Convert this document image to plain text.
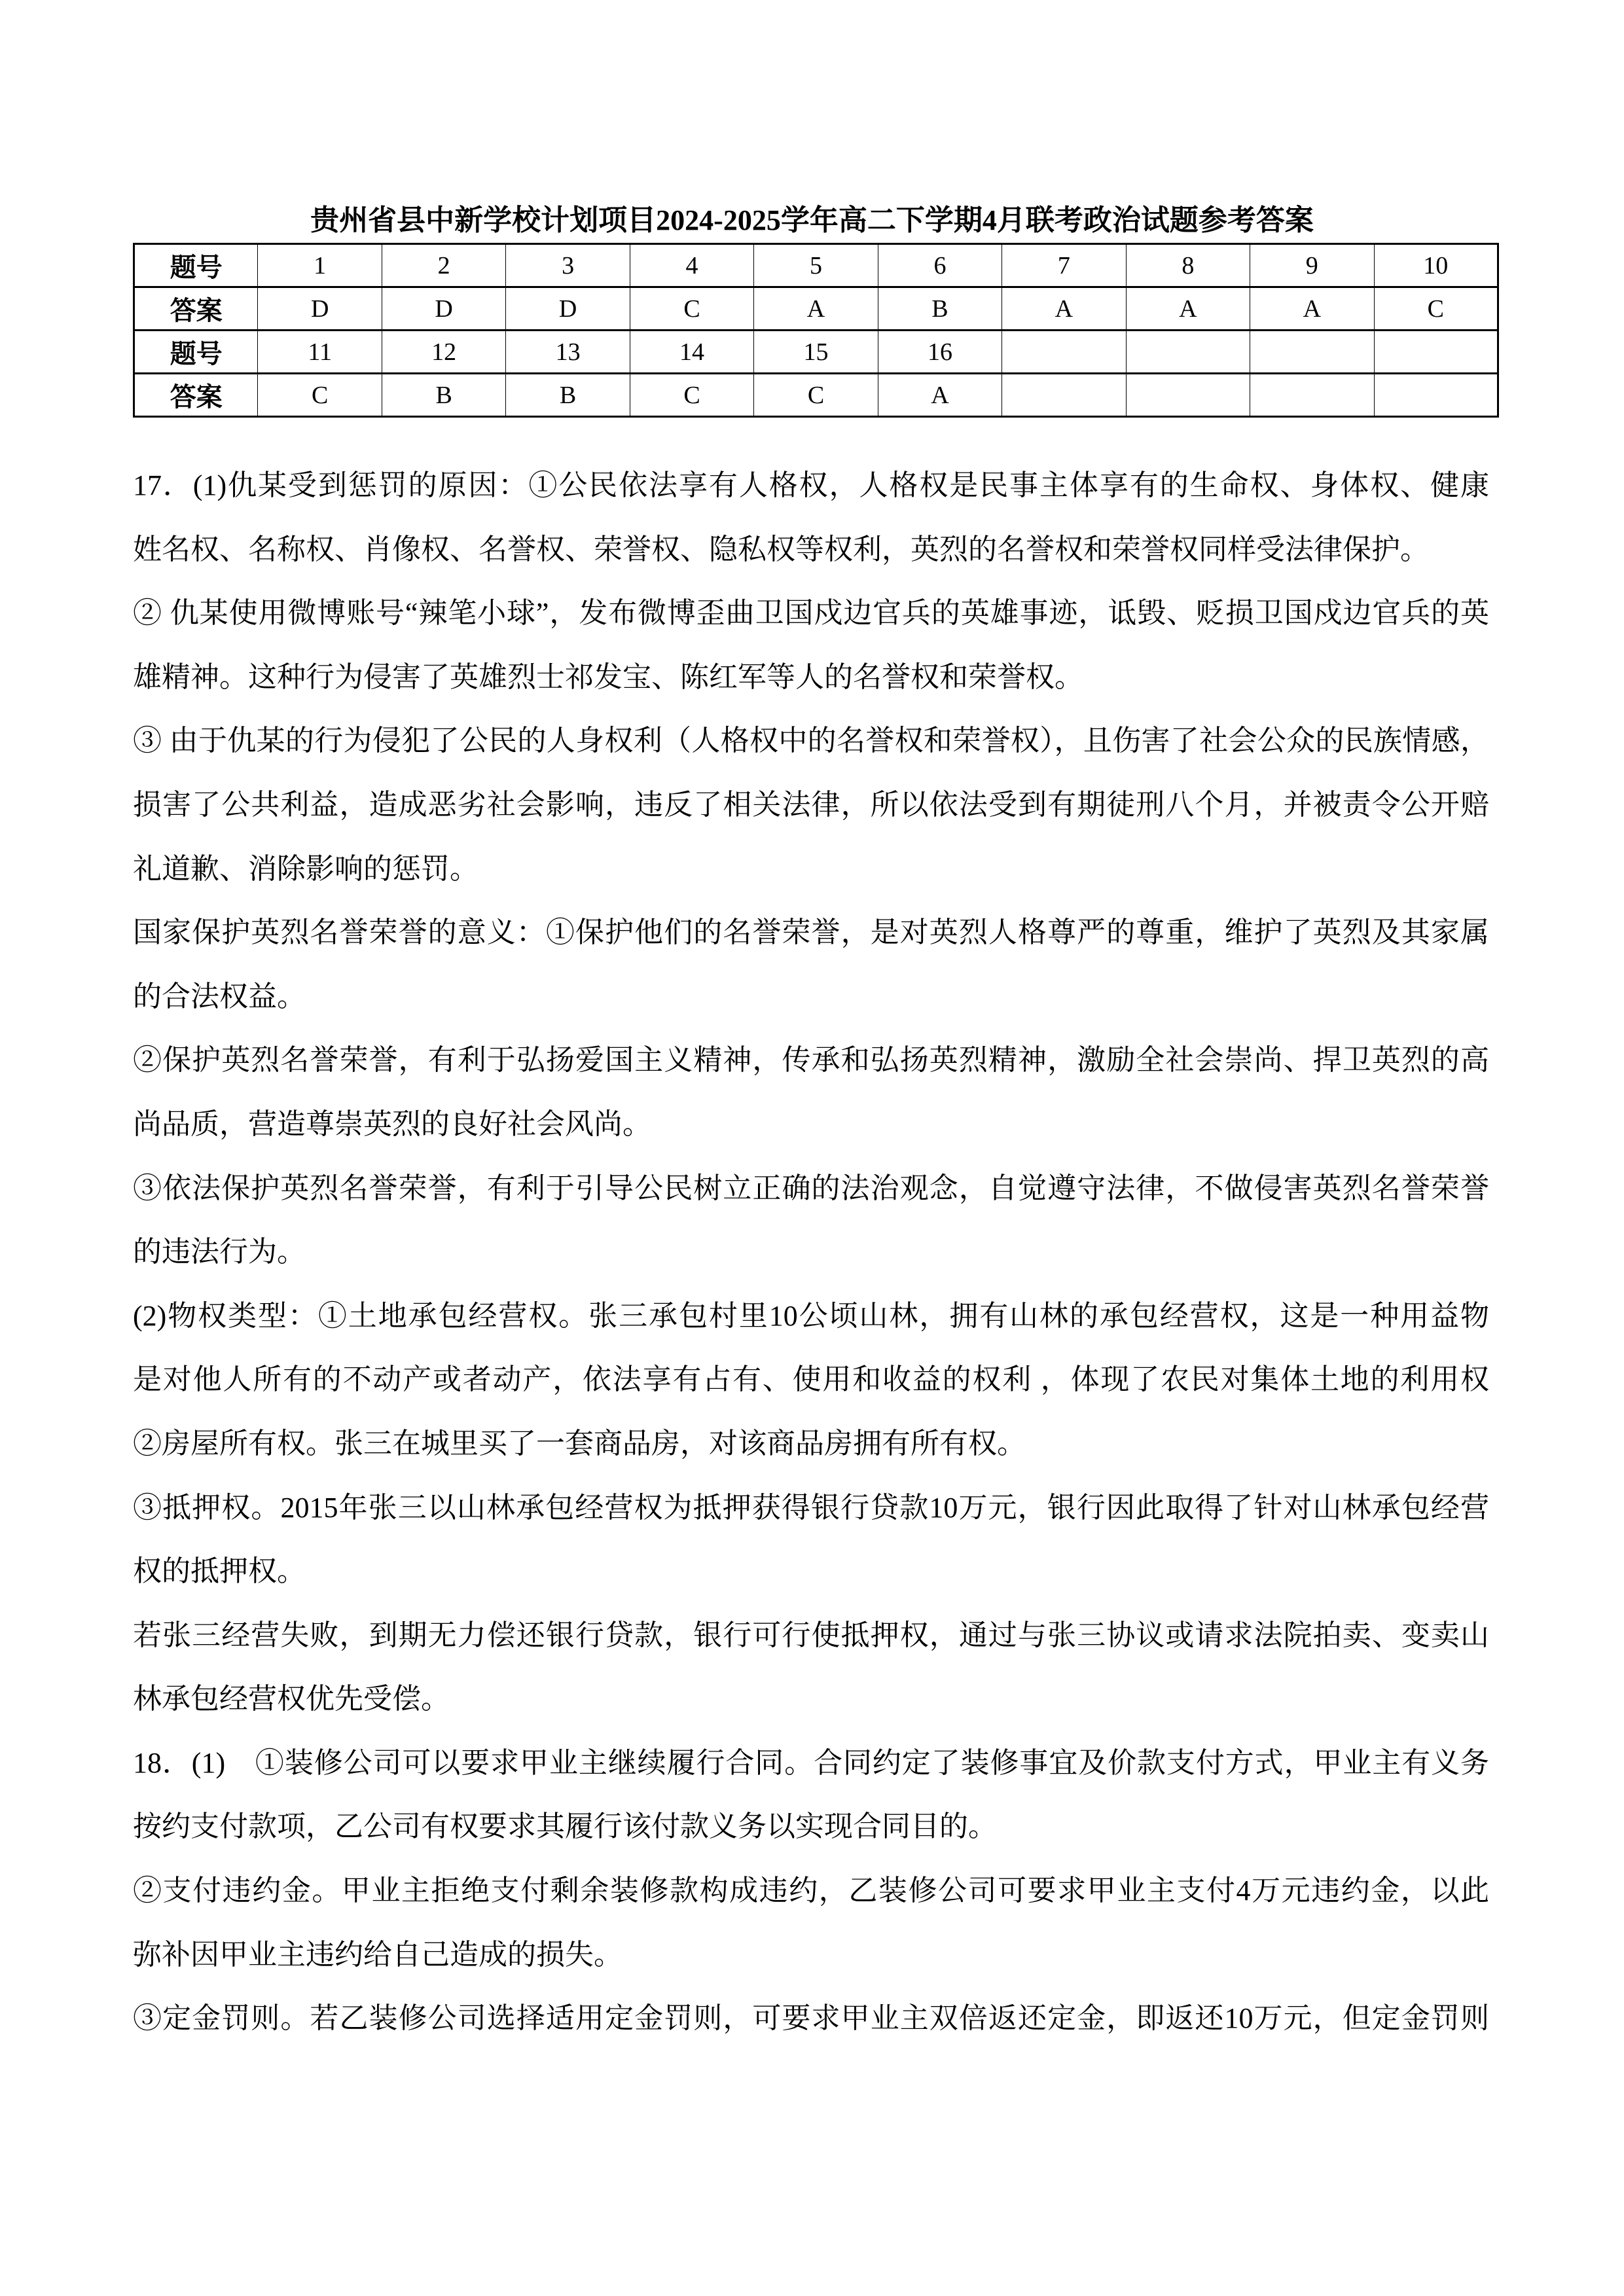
贵州省县中新学校计划项目2024-2025学年高二下学期4月联考政治试题参考答案
题号	1	2	3	4	5	6	7	8	9	10
答案	D	D	D	C	A	B	A	A	A	C
题号	11	12	13	14	15	16				
答案	C	B	B	C	C	A				
17．(1)仇某受到惩罚的原因：①公民依法享有人格权，人格权是民事主体享有的生命权、身体权、健康
姓名权、名称权、肖像权、名誉权、荣誉权、隐私权等权利，英烈的名誉权和荣誉权同样受法律保护。
② 仇某使用微博账号“辣笔小球”，发布微博歪曲卫国戍边官兵的英雄事迹，诋毁、贬损卫国戍边官兵的英
雄精神。这种行为侵害了英雄烈士祁发宝、陈红军等人的名誉权和荣誉权。
③ 由于仇某的行为侵犯了公民的人身权利（人格权中的名誉权和荣誉权），且伤害了社会公众的民族情感，
损害了公共利益，造成恶劣社会影响，违反了相关法律，所以依法受到有期徒刑八个月，并被责令公开赔
礼道歉、消除影响的惩罚。
国家保护英烈名誉荣誉的意义：①保护他们的名誉荣誉，是对英烈人格尊严的尊重，维护了英烈及其家属
的合法权益。
②保护英烈名誉荣誉，有利于弘扬爱国主义精神，传承和弘扬英烈精神，激励全社会崇尚、捍卫英烈的高
尚品质，营造尊崇英烈的良好社会风尚。
③依法保护英烈名誉荣誉，有利于引导公民树立正确的法治观念，自觉遵守法律，不做侵害英烈名誉荣誉
的违法行为。
(2)物权类型：①土地承包经营权。张三承包村里10公顷山林，拥有山林的承包经营权，这是一种用益物
是对他人所有的不动产或者动产，依法享有占有、使用和收益的权利 ，体现了农民对集体土地的利用权
②房屋所有权。张三在城里买了一套商品房，对该商品房拥有所有权。
③抵押权。2015年张三以山林承包经营权为抵押获得银行贷款10万元，银行因此取得了针对山林承包经营
权的抵押权。
若张三经营失败，到期无力偿还银行贷款，银行可行使抵押权，通过与张三协议或请求法院拍卖、变卖山
林承包经营权优先受偿。
18．(1)　①装修公司可以要求甲业主继续履行合同。合同约定了装修事宜及价款支付方式，甲业主有义务
按约支付款项，乙公司有权要求其履行该付款义务以实现合同目的。
②支付违约金。甲业主拒绝支付剩余装修款构成违约，乙装修公司可要求甲业主支付4万元违约金，以此
弥补因甲业主违约给自己造成的损失。
③定金罚则。若乙装修公司选择适用定金罚则，可要求甲业主双倍返还定金，即返还10万元，但定金罚则
